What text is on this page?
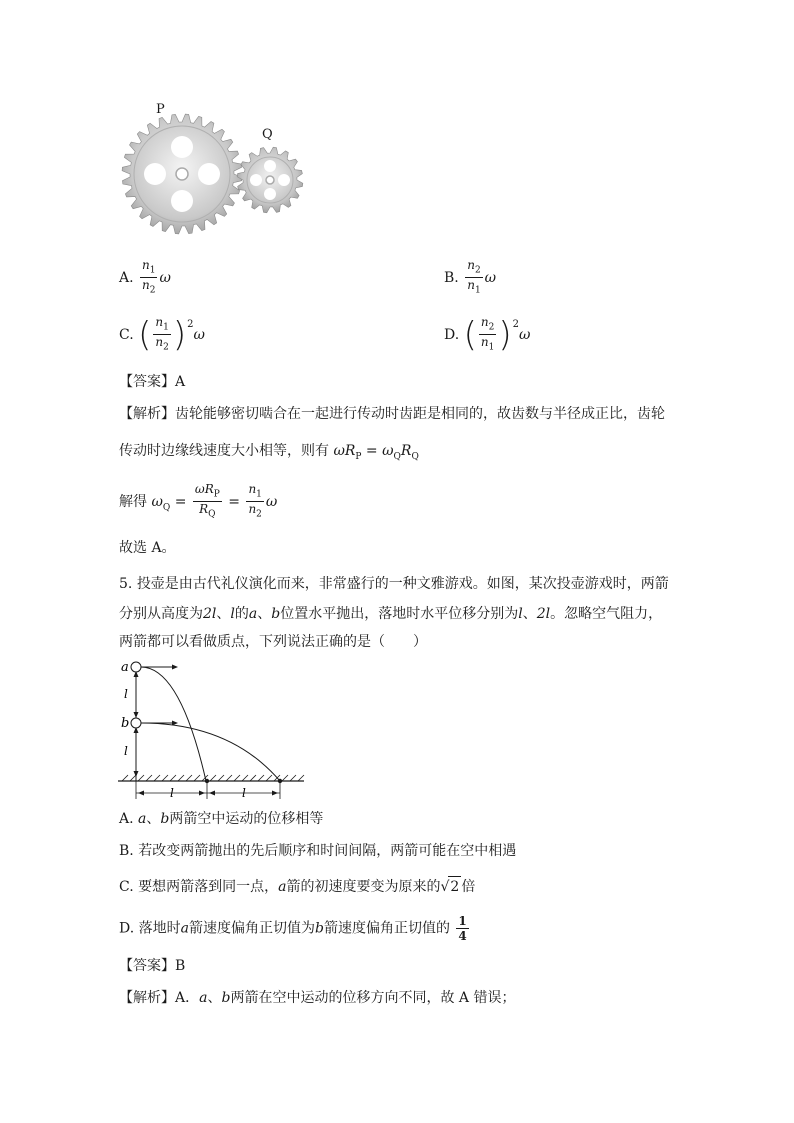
P
Q
A. $\frac{n_1}{n_2}$ ω	B. $\frac{n_2}{n_1}$ ω
C. ( $\frac{n_1}{n_2} )^2$
ω	D. ( $\frac{n_2}{n_1} )^2$
ω
【答案】A
【解析】齿轮能够密切啮合在一起进行传动时齿距是相同的，故齿数与半径成正比，齿轮
传动时边缘线速度大小相等，则有 $\omega R_P = \omega_QR_Q$
解得 $\omega_Q = \frac{\omega R_P}{R_Q} = \frac{n_1}{n_2}$ ω
故选 A。
5. 投壶是由古代礼仪演化而来，非常盛行的一种文雅游戏。如图，某次投壶游戏时，两箭
分别从高度为2l、l的a、b位置水平抛出，落地时水平位移分别为l、2l。忽略空气阻力，
两箭都可以看做质点，下列说法正确的是（　　）
a
b
l
l
l	l
A. a、b两箭空中运动的位移相等
B. 若改变两箭抛出的先后顺序和时间间隔，两箭可能在空中相遇
C. 要想两箭落到同一点，a箭的初速度要变为原来的√2 倍
D. 落地时a箭速度偏角正切值为b箭速度偏角正切值的 $\frac{1}{4}$
【答案】B
【解析】A．a、b两箭在空中运动的位移方向不同，故 A 错误；
